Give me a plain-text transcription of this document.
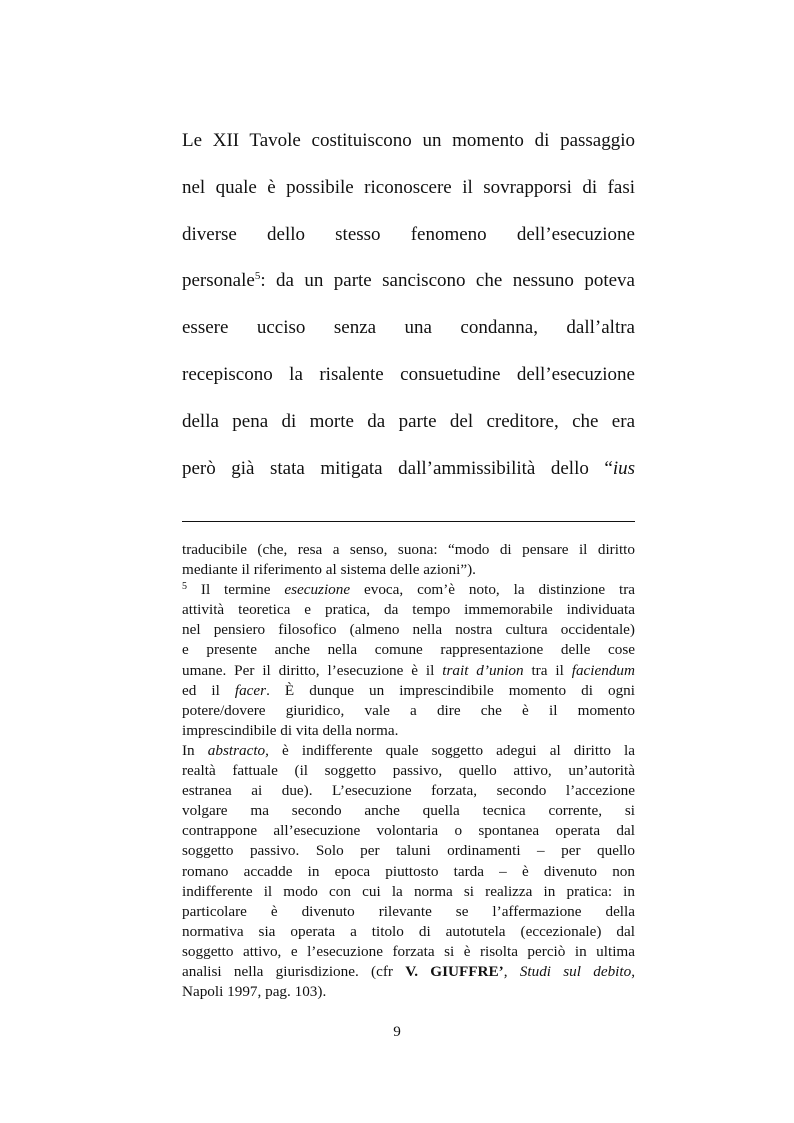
Le XII Tavole costituiscono un momento di passaggio
nel quale è possibile riconoscere il sovrapporsi di fasi
diverse dello stesso fenomeno dell’esecuzione
personale$^5$: da un parte sanciscono che nessuno poteva
essere ucciso senza una condanna, dall’altra
recepiscono la risalente consuetudine dell’esecuzione
della pena di morte da parte del creditore, che era
però già stata mitigata dall’ammissibilità dello “ius

traducibile (che, resa a senso, suona: “modo di pensare il diritto
mediante il riferimento al sistema delle azioni”).

$^5$ Il termine esecuzione evoca, com’è noto, la distinzione tra
attività teoretica e pratica, da tempo immemorabile individuata
nel pensiero filosofico (almeno nella nostra cultura occidentale)
e presente anche nella comune rappresentazione delle cose
umane. Per il diritto, l’esecuzione è il trait d’union tra il faciendum
ed il facer. È dunque un imprescindibile momento di ogni
potere/dovere giuridico, vale a dire che è il momento
imprescindibile di vita della norma.

In abstracto, è indifferente quale soggetto adegui al diritto la
realtà fattuale (il soggetto passivo, quello attivo, un’autorità
estranea ai due). L’esecuzione forzata, secondo l’accezione
volgare ma secondo anche quella tecnica corrente, si
contrappone all’esecuzione volontaria o spontanea operata dal
soggetto passivo. Solo per taluni ordinamenti – per quello
romano accadde in epoca piuttosto tarda – è divenuto non
indifferente il modo con cui la norma si realizza in pratica: in
particolare è divenuto rilevante se l’affermazione della
normativa sia operata a titolo di autotutela (eccezionale) dal
soggetto attivo, e l’esecuzione forzata si è risolta perciò in ultima
analisi nella giurisdizione. (cfr V. GIUFFRE’, Studi sul debito,
Napoli 1997, pag. 103).

9
